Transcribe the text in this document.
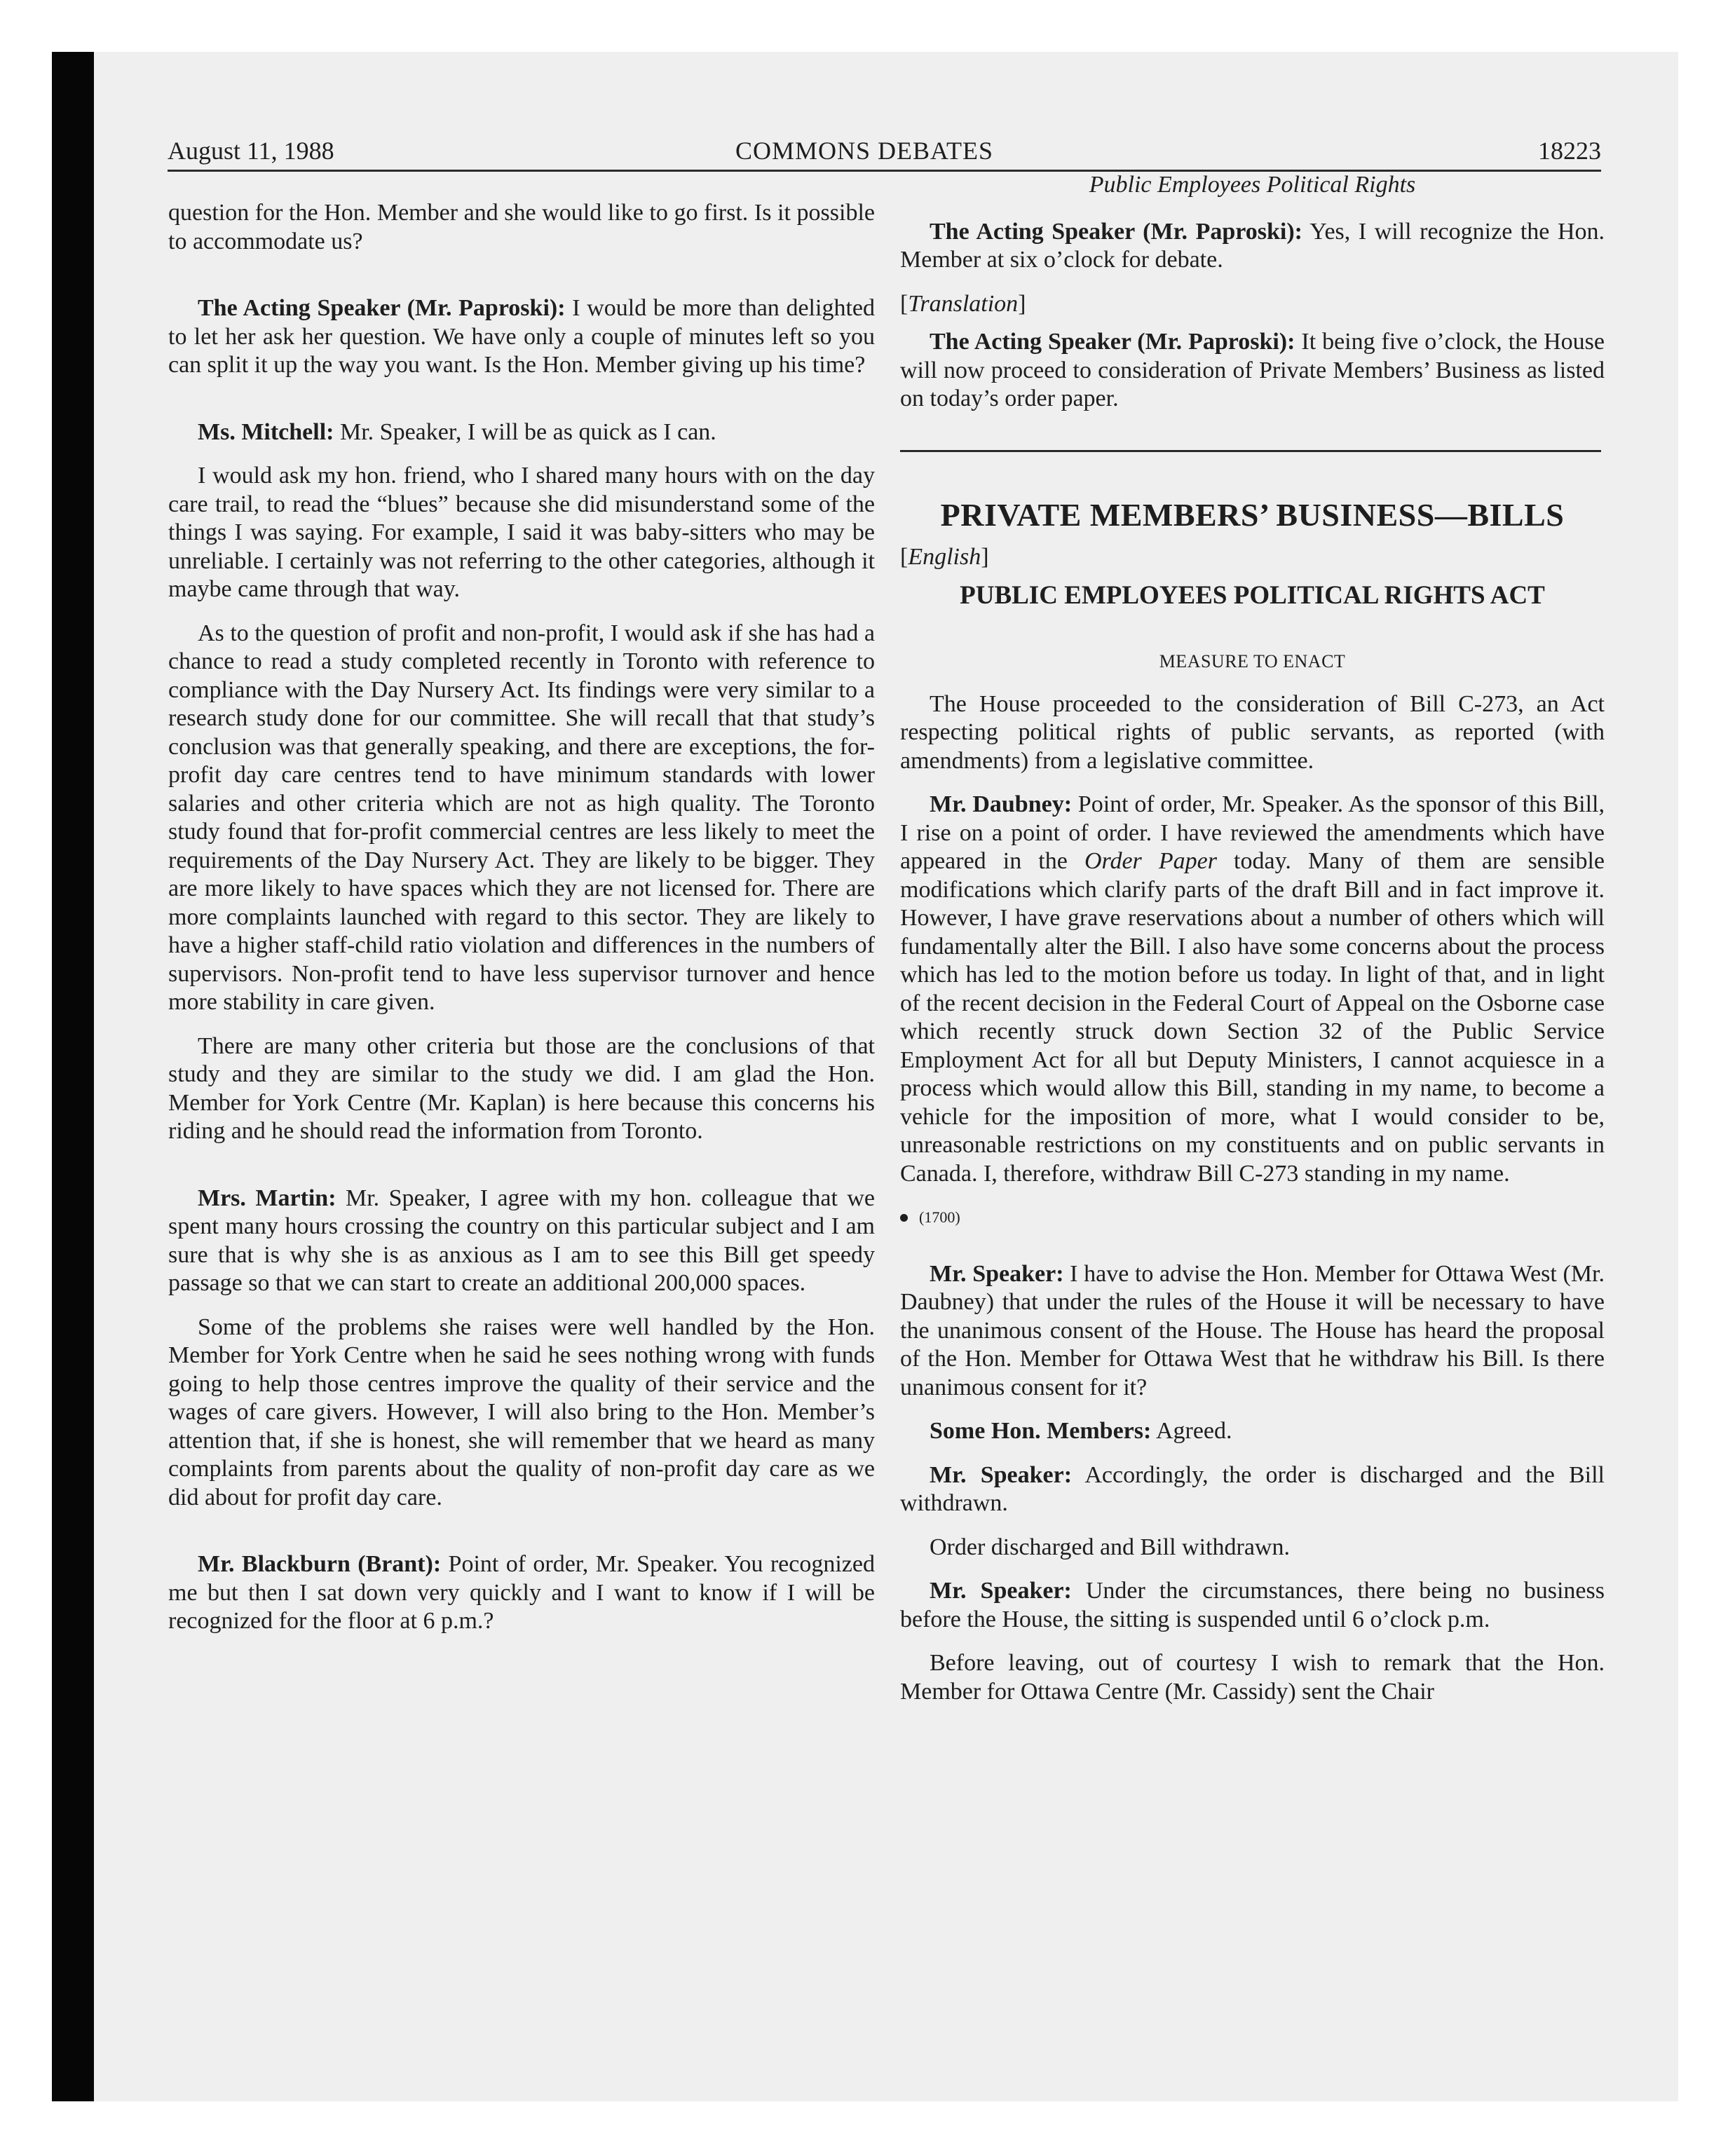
August 11, 1988	COMMONS DEBATES	18223

question for the Hon. Member and she would like to go first. Is it possible to accommodate us?

The Acting Speaker (Mr. Paproski): I would be more than delighted to let her ask her question. We have only a couple of minutes left so you can split it up the way you want. Is the Hon. Member giving up his time?

Ms. Mitchell: Mr. Speaker, I will be as quick as I can.

I would ask my hon. friend, who I shared many hours with on the day care trail, to read the “blues” because she did misunderstand some of the things I was saying. For example, I said it was baby-sitters who may be unreliable. I certainly was not referring to the other categories, although it maybe came through that way.

As to the question of profit and non-profit, I would ask if she has had a chance to read a study completed recently in Toronto with reference to compliance with the Day Nursery Act. Its findings were very similar to a research study done for our committee. She will recall that that study’s conclusion was that generally speaking, and there are exceptions, the for-profit day care centres tend to have minimum standards with lower salaries and other criteria which are not as high quality. The Toronto study found that for-profit commercial centres are less likely to meet the requirements of the Day Nursery Act. They are likely to be bigger. They are more likely to have spaces which they are not licensed for. There are more complaints launched with regard to this sector. They are likely to have a higher staff-child ratio violation and differences in the numbers of supervisors. Non-profit tend to have less supervisor turnover and hence more stability in care given.

There are many other criteria but those are the conclusions of that study and they are similar to the study we did. I am glad the Hon. Member for York Centre (Mr. Kaplan) is here because this concerns his riding and he should read the information from Toronto.

Mrs. Martin: Mr. Speaker, I agree with my hon. colleague that we spent many hours crossing the country on this particular subject and I am sure that is why she is as anxious as I am to see this Bill get speedy passage so that we can start to create an additional 200,000 spaces.

Some of the problems she raises were well handled by the Hon. Member for York Centre when he said he sees nothing wrong with funds going to help those centres improve the quality of their service and the wages of care givers. However, I will also bring to the Hon. Member’s attention that, if she is honest, she will remember that we heard as many complaints from parents about the quality of non-profit day care as we did about for profit day care.

Mr. Blackburn (Brant): Point of order, Mr. Speaker. You recognized me but then I sat down very quickly and I want to know if I will be recognized for the floor at 6 p.m.?

Public Employees Political Rights

The Acting Speaker (Mr. Paproski): Yes, I will recognize the Hon. Member at six o’clock for debate.

[Translation]

The Acting Speaker (Mr. Paproski): It being five o’clock, the House will now proceed to consideration of Private Members’ Business as listed on today’s order paper.

PRIVATE MEMBERS’ BUSINESS—BILLS
[English]
PUBLIC EMPLOYEES POLITICAL RIGHTS ACT
MEASURE TO ENACT

The House proceeded to the consideration of Bill C-273, an Act respecting political rights of public servants, as reported (with amendments) from a legislative committee.

Mr. Daubney: Point of order, Mr. Speaker. As the sponsor of this Bill, I rise on a point of order. I have reviewed the amendments which have appeared in the Order Paper today. Many of them are sensible modifications which clarify parts of the draft Bill and in fact improve it. However, I have grave reservations about a number of others which will fundamentally alter the Bill. I also have some concerns about the process which has led to the motion before us today. In light of that, and in light of the recent decision in the Federal Court of Appeal on the Osborne case which recently struck down Section 32 of the Public Service Employment Act for all but Deputy Ministers, I cannot acquiesce in a process which would allow this Bill, standing in my name, to become a vehicle for the imposition of more, what I would consider to be, unreasonable restrictions on my constituents and on public servants in Canada. I, therefore, withdraw Bill C-273 standing in my name.

(1700)

Mr. Speaker: I have to advise the Hon. Member for Ottawa West (Mr. Daubney) that under the rules of the House it will be necessary to have the unanimous consent of the House. The House has heard the proposal of the Hon. Member for Ottawa West that he withdraw his Bill. Is there unanimous consent for it?

Some Hon. Members: Agreed.

Mr. Speaker: Accordingly, the order is discharged and the Bill withdrawn.

Order discharged and Bill withdrawn.

Mr. Speaker: Under the circumstances, there being no business before the House, the sitting is suspended until 6 o’clock p.m.

Before leaving, out of courtesy I wish to remark that the Hon. Member for Ottawa Centre (Mr. Cassidy) sent the Chair
